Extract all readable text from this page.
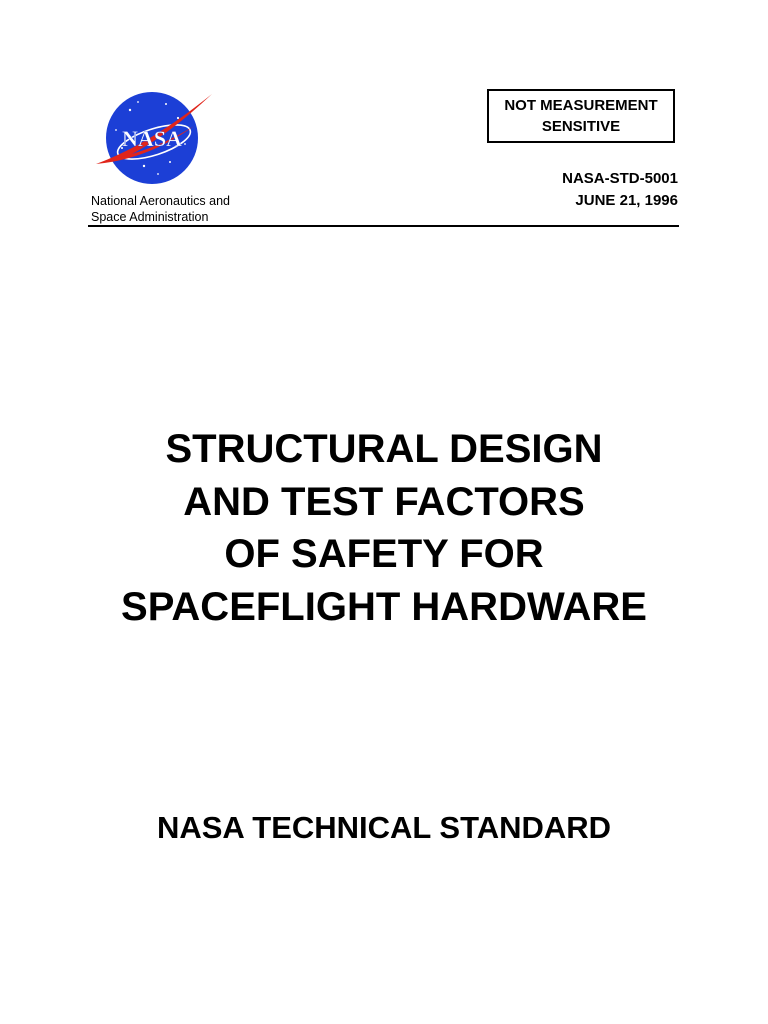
NASA
National Aeronautics and
Space Administration
NOT MEASUREMENT
SENSITIVE
NASA-STD-5001
JUNE 21, 1996
STRUCTURAL DESIGN
AND TEST FACTORS
OF SAFETY FOR
SPACEFLIGHT HARDWARE
NASA TECHNICAL STANDARD
